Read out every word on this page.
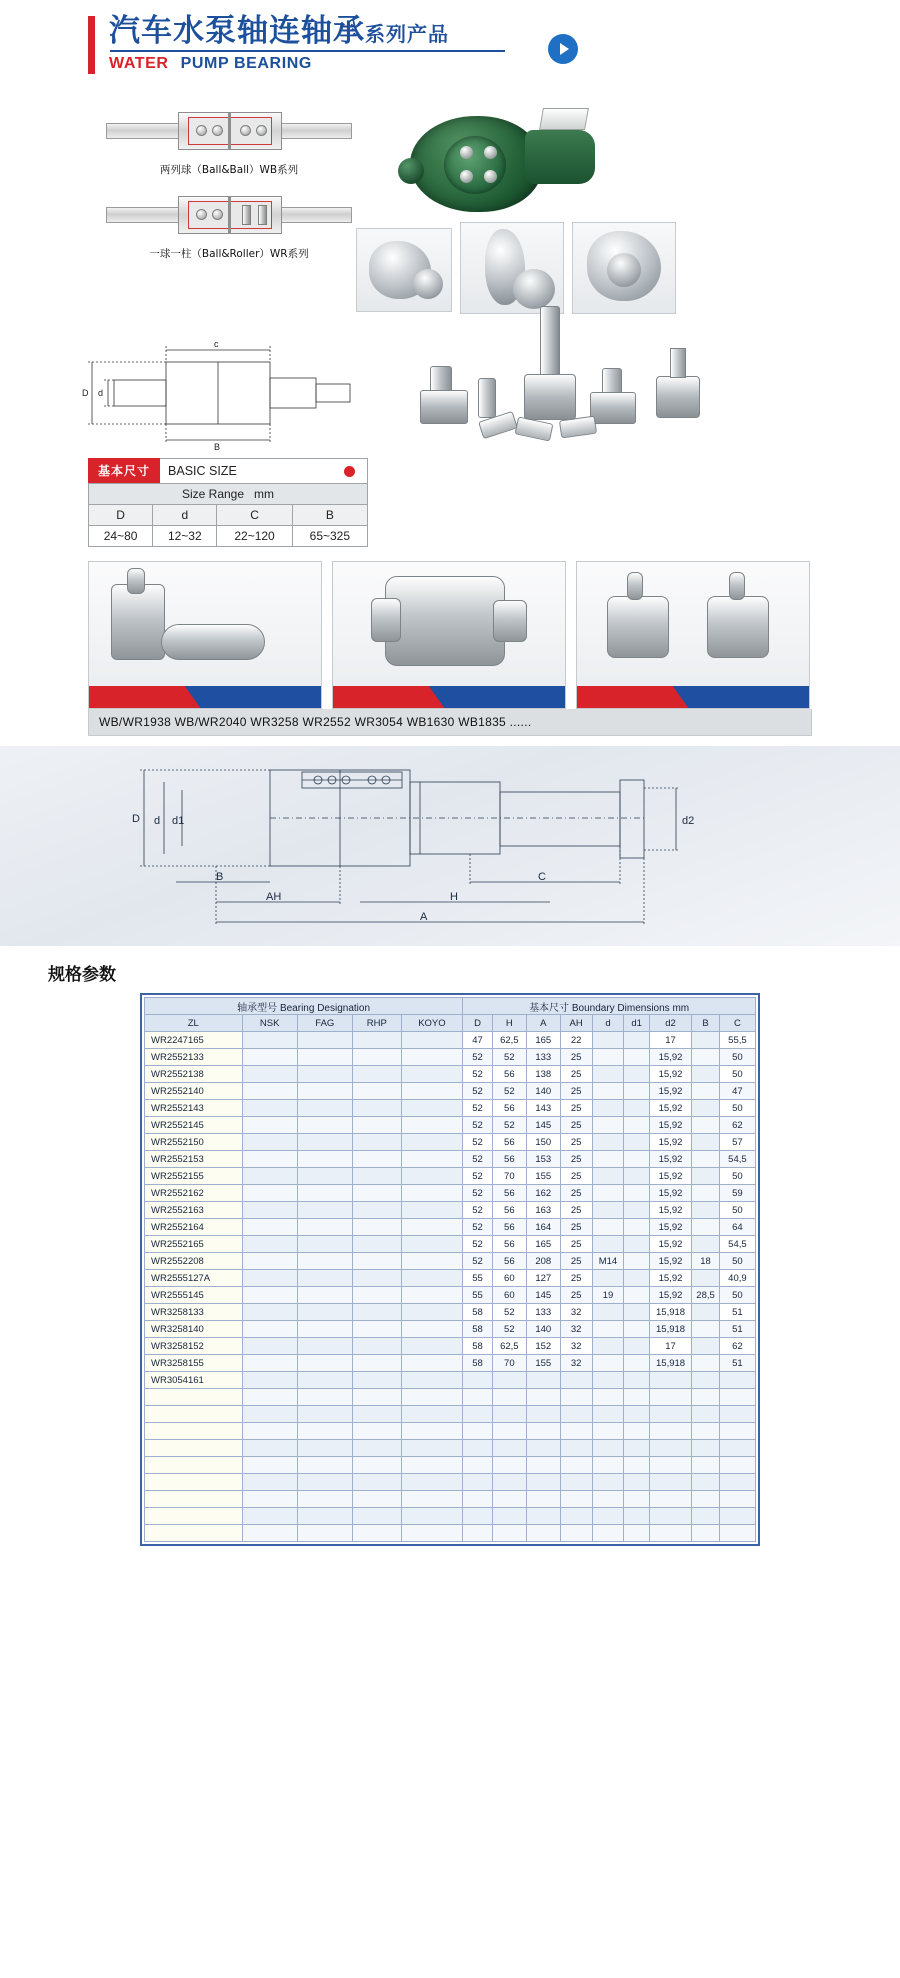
汽车水泵轴连轴承系列产品
WATER PUMP BEARING
两列球（Ball&Ball）WB系列
一球一柱（Ball&Roller）WR系列
c
D d
B
基本尺寸	BASIC SIZE
Size Range mm			
D	d	C	B
24~80	12~32	22~120	65~325
WB/WR1938 WB/WR2040 WR3258 WR2552 WR3054 WB1630 WB1835 ......
D d d1	d2
B	C
AH	H
A
规格参数
轴承型号 Bearing Designation					基本尺寸 Boundary Dimensions mm								
ZL	NSK	FAG	RHP	KOYO	D	H	A	AH	d	d1	d2	B	C
WR2247165					47	62,5	165	22			17		55,5
WR2552133					52	52	133	25			15,92		50
WR2552138					52	56	138	25			15,92		50
WR2552140					52	52	140	25			15,92		47
WR2552143					52	56	143	25			15,92		50
WR2552145					52	52	145	25			15,92		62
WR2552150					52	56	150	25			15,92		57
WR2552153					52	56	153	25			15,92		54,5
WR2552155					52	70	155	25			15,92		50
WR2552162					52	56	162	25			15,92		59
WR2552163					52	56	163	25			15,92		50
WR2552164					52	56	164	25			15,92		64
WR2552165					52	56	165	25			15,92		54,5
WR2552208					52	56	208	25	M14		15,92	18	50
WR2555127A					55	60	127	25			15,92		40,9
WR2555145					55	60	145	25	19		15,92	28,5	50
WR3258133					58	52	133	32			15,918		51
WR3258140					58	52	140	32			15,918		51
WR3258152					58	62,5	152	32			17		62
WR3258155					58	70	155	32			15,918		51
WR3054161													
